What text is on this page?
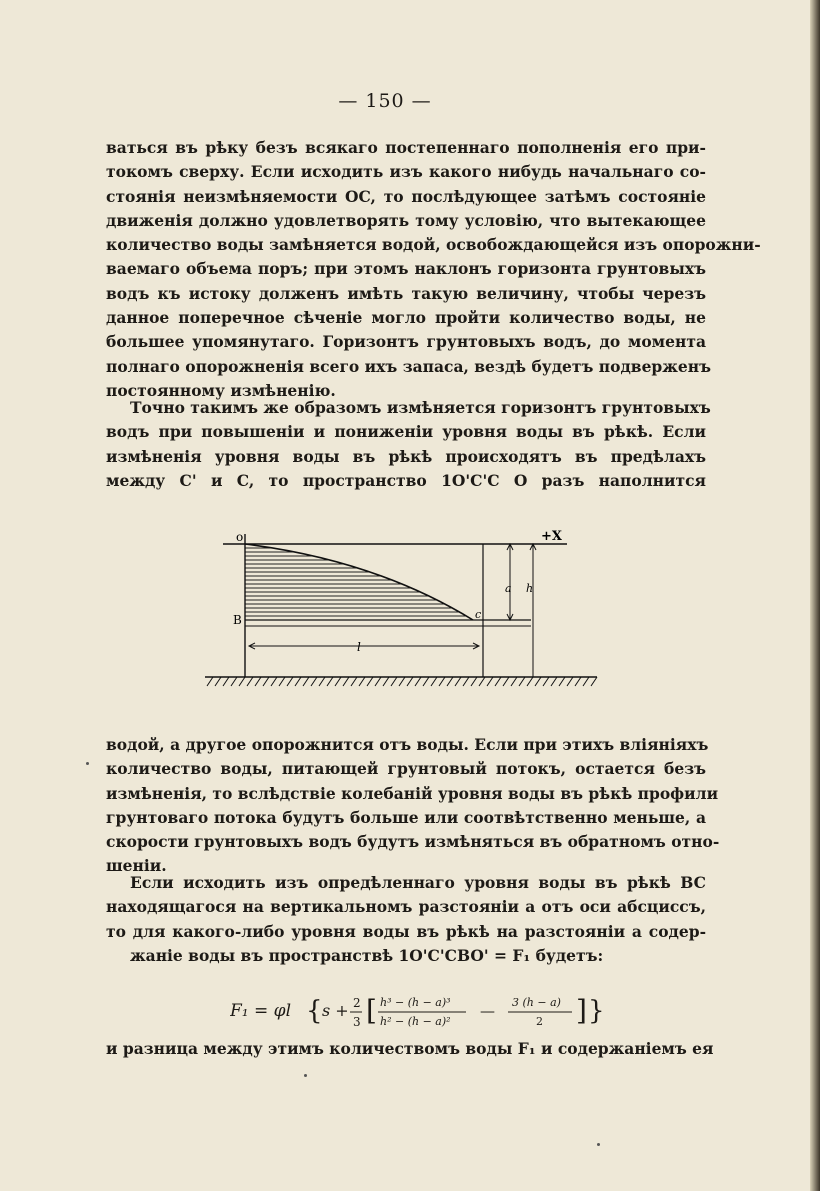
— 150 —
ваться въ рѣку безъ всякаго постепеннаго пополненія его при-
токомъ сверху. Если исходить изъ какого нибудь начальнаго со-
стоянія неизмѣняемости OC, то послѣдующее затѣмъ состояніе
движенія должно удовлетворять тому условію, что вытекающее
количество воды замѣняется водой, освобождающейся изъ опорожни-
ваемаго объема поръ; при этомъ наклонъ горизонта грунтовыхъ
водъ къ истоку долженъ имѣть такую величину, чтобы черезъ
данное поперечное сѣченіе могло пройти количество воды, не
большее упомянутаго. Горизонтъ грунтовыхъ водъ, до момента
полнаго опорожненія всего ихъ запаса, вездѣ будетъ подверженъ
постоянному измѣненію.
Точно такимъ же образомъ измѣняется горизонтъ грунтовыхъ
водъ при повышеніи и пониженіи уровня воды въ рѣкѣ. Если
измѣненія уровня воды въ рѣкѣ происходятъ въ предѣлахъ
между C' и C, то пространство 1O'C'C O разъ наполнится
o	+X
B	c
a h
l
водой, а другое опорожнится отъ воды. Если при этихъ вліяніяхъ
количество воды, питающей грунтовый потокъ, остается безъ
измѣненія, то вслѣдствіе колебаній уровня воды въ рѣкѣ профили
грунтоваго потока будутъ больше или соотвѣтственно меньше, а
скорости грунтовыхъ водъ будутъ измѣняться въ обратномъ отно-
шеніи.
Если исходить изъ опредѣленнаго уровня воды въ рѣкѣ BC
находящагося на вертикальномъ разстояніи a отъ оси абсциссъ,
то для какого-либо уровня воды въ рѣкѣ на разстояніи a содер-
жаніе воды въ пространствѣ 1O'C'CBO' = F₁ будетъ:
F₁ = φl { s + 2
3 [ h³ − (h − a)³
h² − (h − a)²
— 3 (h − a)
2 ] }
и разница между этимъ количествомъ воды F₁ и содержаніемъ ея
